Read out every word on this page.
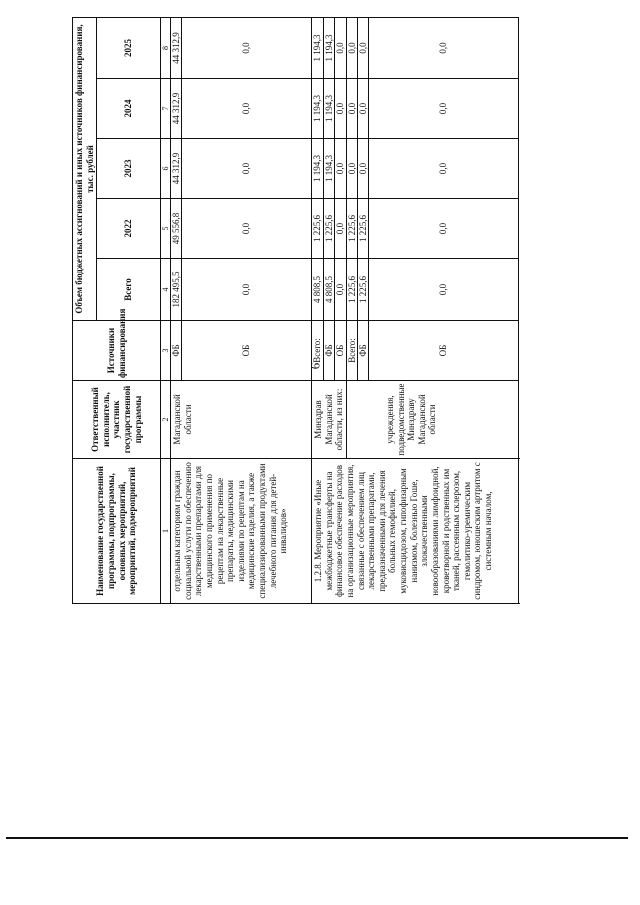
6
Наименование государственной программы, подпрограммы, основных мероприятий, мероприятий, подмероприятий	Ответственный исполнитель, участник государственной программы	Источники финансирования	Объем бюджетных ассигнований и иных источников финансирования, тыс. рублей				
			Всего	2022	2023	2024	2025
1	2	3	4	5	6	7	8
отдельным категориям граждан социальной услуги по обеспечению лекарственными препаратами для медицинского применения по рецептам на лекарственные препараты, медицинскими изделиями по рецептам на медицинские изделия, а также специализированными продуктами лечебного питания для детей-инвалидов»	Магаданской области	ФБ	182 495,5	49 556,8	44 312,9	44 312,9	44 312,9
		ОБ	0,0	0,0	0,0	0,0	0,0
1.2.8. Мероприятие «Иные межбюджетные трансферты на финансовое обеспечение расходов на организационные мероприятия, связанные с обеспечением лиц лекарственными препаратами, предназначенными для лечения больных гемофилией, муковисцидозом, гипофизарным нанизмом, болезнью Гоше, злокачественными новообразованиями лимфоидной, кроветворной и родственных им тканей, рассеянным склерозом, гемолитико-уремическим синдромом, юношеским артритом с системным началом,	Минздрав Магаданской области, из них:	Всего:	4 808,5	1 225,6	1 194,3	1 194,3	1 194,3
		ФБ	4 808,5	1 225,6	1 194,3	1 194,3	1 194,3
		ОБ	0,0	0,0	0,0	0,0	0,0
	учреждения, подведомственные Минздраву Магаданской области	Всего:	1 225,6	1 225,6	0,0	0,0	0,0
		ФБ	1 225,6	1 225,6	0,0	0,0	0,0
		ОБ	0,0	0,0	0,0	0,0	0,0
